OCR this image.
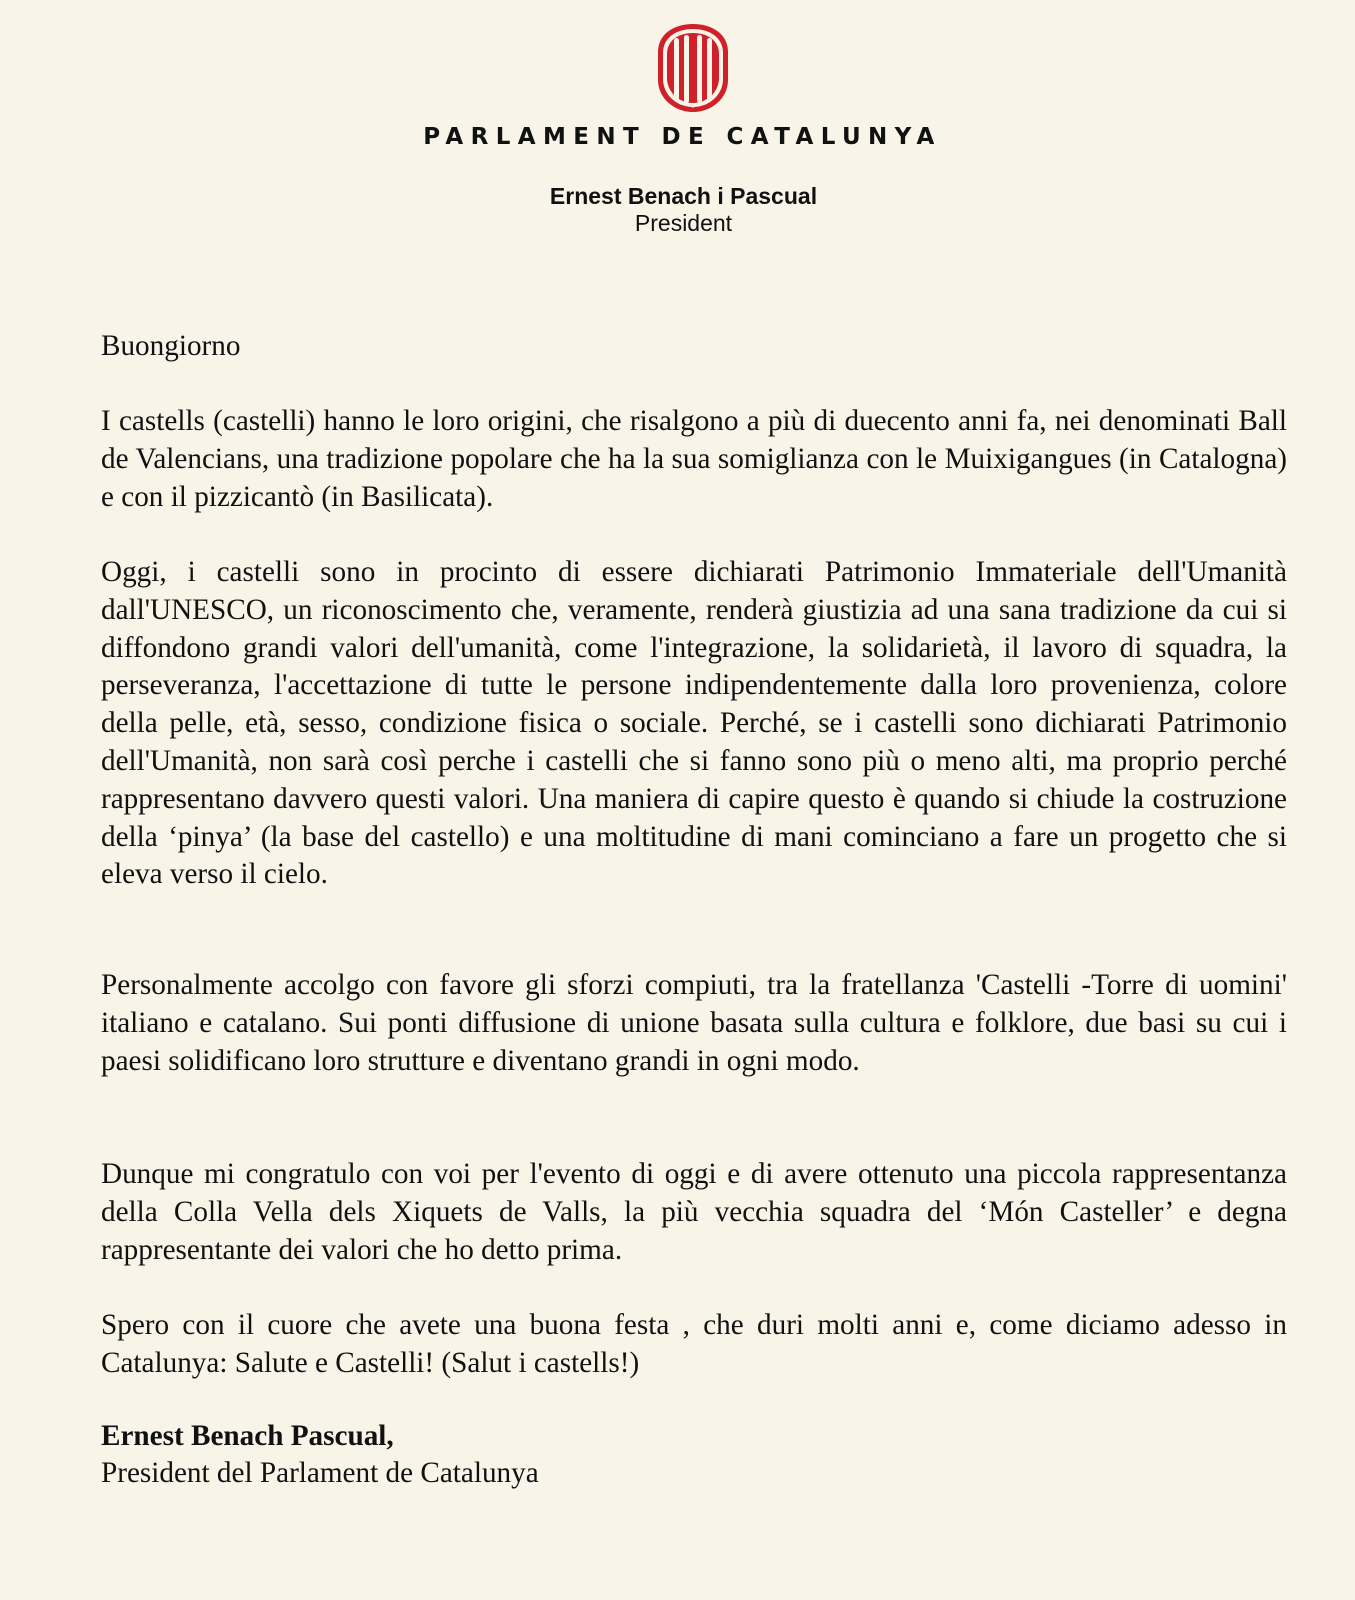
PARLAMENT DE CATALUNYA
Ernest Benach i Pascual
President
Buongiorno
I castells (castelli) hanno le loro origini, che risalgono a più di duecento anni fa, nei denominati Ball de Valencians, una tradizione popolare che ha la sua somiglianza con le Muixigangues (in Catalogna) e con il pizzicantò (in Basilicata).
Oggi, i castelli sono in procinto di essere dichiarati Patrimonio Immateriale dell'Umanità dall'UNESCO, un riconoscimento che, veramente, renderà giustizia ad una sana tradizione da cui si diffondono grandi valori dell'umanità, come l'integrazione, la solidarietà, il lavoro di squadra, la perseveranza, l'accettazione di tutte le persone indipendentemente dalla loro provenienza, colore della pelle, età, sesso, condizione fisica o sociale. Perché, se i castelli sono dichiarati Patrimonio dell'Umanità, non sarà così perche i castelli che si fanno sono più o meno alti, ma proprio perché rappresentano davvero questi valori. Una maniera di capire questo è quando si chiude la costruzione della ‘pinya’ (la base del castello) e una moltitudine di mani cominciano a fare un progetto che si eleva verso il cielo.
Personalmente accolgo con favore gli sforzi compiuti, tra la fratellanza 'Castelli -Torre di uomini' italiano e catalano. Sui ponti diffusione di unione basata sulla cultura e folklore, due basi su cui i paesi solidificano loro strutture e diventano grandi in ogni modo.
Dunque mi congratulo con voi per l'evento di oggi e di avere ottenuto una piccola rappresentanza della Colla Vella dels Xiquets de Valls, la più vecchia squadra del ‘Món Casteller’ e degna rappresentante dei valori che ho detto prima.
Spero con il cuore che avete una buona festa , che duri molti anni e, come diciamo adesso in Catalunya: Salute e Castelli! (Salut i castells!)
Ernest Benach Pascual,
President del Parlament de Catalunya
